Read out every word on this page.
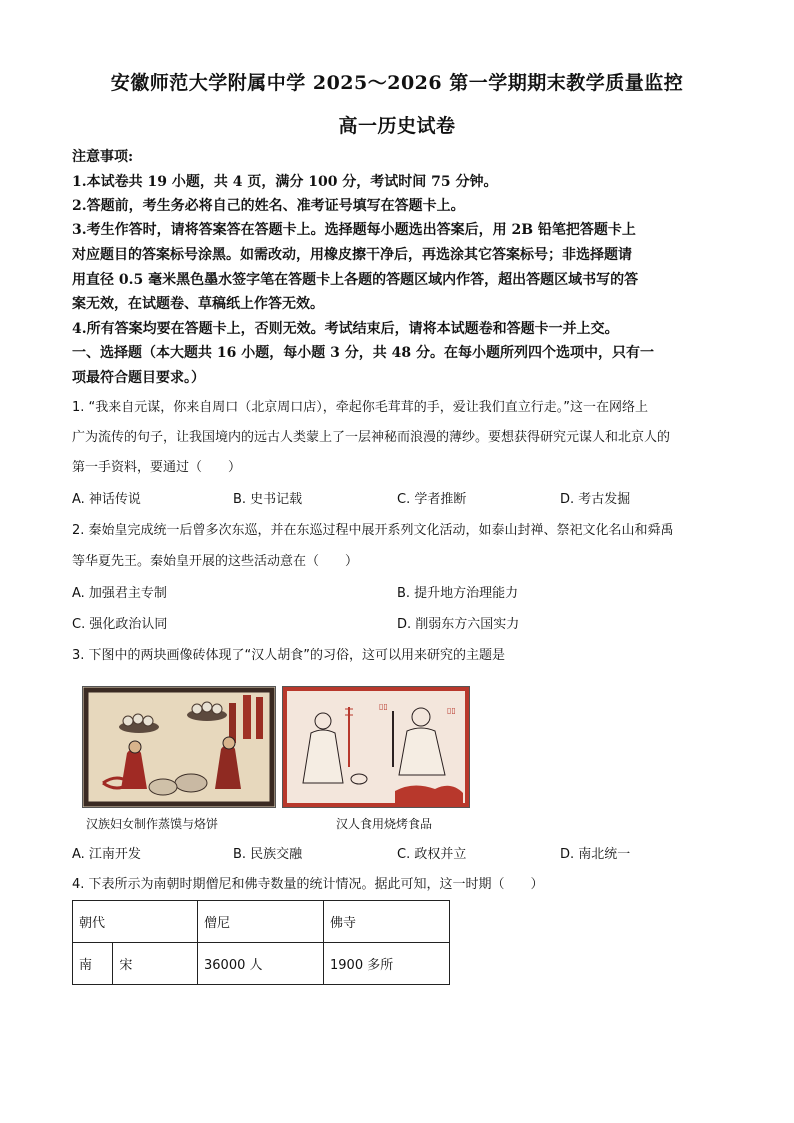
安徽师范大学附属中学 2025～2026 第一学期期末教学质量监控
高一历史试卷
注意事项:
1.本试卷共 19 小题，共 4 页，满分 100 分，考试时间 75 分钟。
2.答题前，考生务必将自己的姓名、准考证号填写在答题卡上。
3.考生作答时，请将答案答在答题卡上。选择题每小题选出答案后，用 2B 铅笔把答题卡上
对应题目的答案标号涂黑。如需改动，用橡皮擦干净后，再选涂其它答案标号；非选择题请
用直径 0.5 毫米黑色墨水签字笔在答题卡上各题的答题区域内作答，超出答题区域书写的答
案无效，在试题卷、草稿纸上作答无效。
4.所有答案均要在答题卡上，否则无效。考试结束后，请将本试题卷和答题卡一并上交。
一、选择题（本大题共 16 小题，每小题 3 分，共 48 分。在每小题所列四个选项中，只有一
项最符合题目要求。）
1. “我来自元谋，你来自周口（北京周口店），牵起你毛茸茸的手，爱让我们直立行走。”这一在网络上
广为流传的句子，让我国境内的远古人类蒙上了一层神秘而浪漫的薄纱。要想获得研究元谋人和北京人的
第一手资料，要通过（　　）
A. 神话传说	B. 史书记载	C. 学者推断	D. 考古发掘
2. 秦始皇完成统一后曾多次东巡，并在东巡过程中展开系列文化活动，如泰山封禅、祭祀文化名山和舜禹
等华夏先王。秦始皇开展的这些活动意在（　　）
A. 加强君主专制	B. 提升地方治理能力
C. 强化政治认同	D. 削弱东方六国实力
3. 下图中的两块画像砖体现了“汉人胡食”的习俗，这可以用来研究的主题是
▯▯	▯▯
汉族妇女制作蒸馍与烙饼	汉人食用烧烤食品
A. 江南开发	B. 民族交融	C. 政权并立	D. 南北统一
4. 下表所示为南朝时期僧尼和佛寺数量的统计情况。据此可知，这一时期（　　）
朝代		僧尼	佛寺
南	宋	36000 人	1900 多所
